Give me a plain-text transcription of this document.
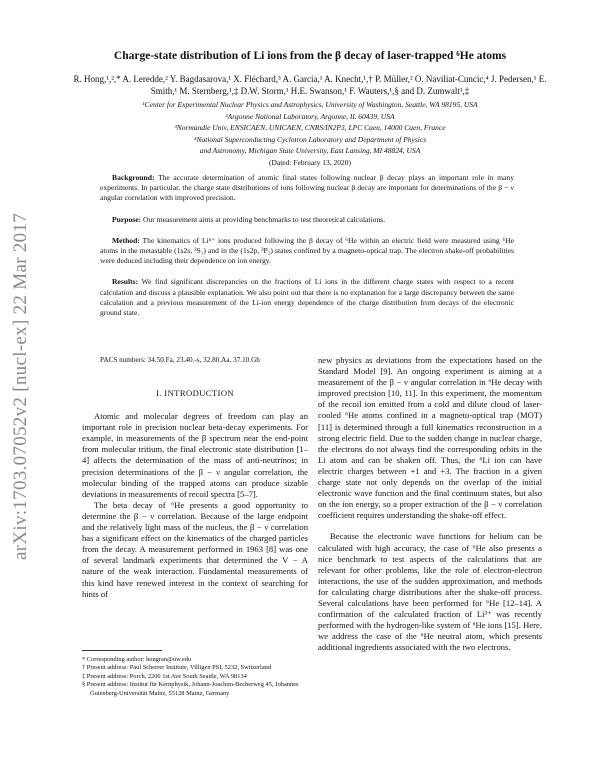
arXiv:1703.07052v2 [nucl-ex] 22 Mar 2017
Charge-state distribution of Li ions from the β decay of laser-trapped ⁶He atoms
R. Hong,¹,²,* A. Leredde,² Y. Bagdasarova,¹ X. Fléchard,³ A. García,¹ A. Knecht,¹,† P. Müller,² O. Naviliat-Cuncic,⁴ J. Pedersen,¹ E. Smith,¹ M. Sternberg,¹,‡ D.W. Storm,¹ H.E. Swanson,¹ F. Wauters,¹,§ and D. Zumwalt¹,‡
¹Center for Experimental Nuclear Physics and Astrophysics, University of Washington, Seattle, WA 98195, USA
²Argonne National Laboratory, Argonne, IL 60439, USA
³Normandie Univ, ENSICAEN, UNICAEN, CNRS/IN2P3, LPC Caen, 14000 Caen, France
⁴National Superconducting Cyclotron Laboratory and Department of Physics
and Astronomy, Michigan State University, East Lansing, MI 48824, USA
(Dated: February 13, 2020)

Background: The accurate determination of atomic final states following nuclear β decay plays an important role in many experiments. In particular, the charge state distributions of ions following nuclear β decay are important for determinations of the β − ν angular correlation with improved precision.

Purpose: Our measurement aims at providing benchmarks to test theoretical calculations.

Method: The kinematics of Liⁿ⁺ ions produced following the β decay of ⁶He within an electric field were measured using ⁶He atoms in the metastable (1s2s, ³S₁) and in the (1s2p, ³P₂) states confined by a magneto-optical trap. The electron shake-off probabilities were deduced including their dependence on ion energy.

Results: We find significant discrepancies on the fractions of Li ions in the different charge states with respect to a recent calculation and discuss a plausible explanation. We also point out that there is no explanation for a large discrepancy between the same calculation and a previous measurement of the Li-ion energy dependence of the charge distribution from decays of the electronic ground state.

PACS numbers: 34.50.Fa, 23.40.-s, 32.80.Aa, 37.10.Gh
I. INTRODUCTION

Atomic and molecular degrees of freedom can play an important role in precision nuclear beta-decay experiments. For example, in measurements of the β spectrum near the end-point from molecular tritium, the final electronic state distribution [1–4] affects the determination of the mass of anti-neutrinos; in precision determinations of the β − ν angular correlation, the molecular binding of the trapped atoms can produce sizable deviations in measurements of recoil spectra [5–7].

The beta decay of ⁶He presents a good opportunity to determine the β − ν correlation. Because of the large endpoint and the relatively light mass of the nucleus, the β − ν correlation has a significant effect on the kinematics of the charged particles from the decay. A measurement performed in 1963 [8] was one of several landmark experiments that determined the V − A nature of the weak interaction. Fundamental measurements of this kind have renewed interest in the context of searching for hints of

new physics as deviations from the expectations based on the Standard Model [9]. An ongoing experiment is aiming at a measurement of the β − ν angular correlation in ⁶He decay with improved precision [10, 11]. In this experiment, the momentum of the recoil ion emitted from a cold and dilute cloud of laser-cooled ⁶He atoms confined in a magneto-optical trap (MOT) [11] is determined through a full kinematics reconstruction in a strong electric field. Due to the sudden change in nuclear charge, the electrons do not always find the corresponding orbits in the Li atom and can be shaken off. Thus, the ⁶Li ion can have electric charges between +1 and +3. The fraction in a given charge state not only depends on the overlap of the initial electronic wave function and the final continuum states, but also on the ion energy, so a proper extraction of the β − ν correlation coefficient requires understanding the shake-off effect.

Because the electronic wave functions for helium can be calculated with high accuracy, the case of ⁶He also presents a nice benchmark to test aspects of the calculations that are relevant for other problems, like the role of electron-electron interactions, the use of the sudden approximation, and methods for calculating charge distributions after the shake-off process. Several calculations have been performed for ⁶He [12–14]. A confirmation of the calculated fraction of Li³⁺ was recently performed with the hydrogen-like system of ⁶He ions [15]. Here, we address the case of the ⁶He neutral atom, which presents additional ingredients associated with the two electrons.

* Corresponding author: hongran@uw.edu
† Present address: Paul Scherrer Institute, Villigen PSI, 5232, Switzerland
‡ Present address: Porch, 2200 1st Ave South Seattle, WA 98134
§ Present address: Institut für Kernphysik, Johann-Joachim-Becherweg 45, Johannes Gutenberg-Universität Mainz, 55128 Mainz, Germany
